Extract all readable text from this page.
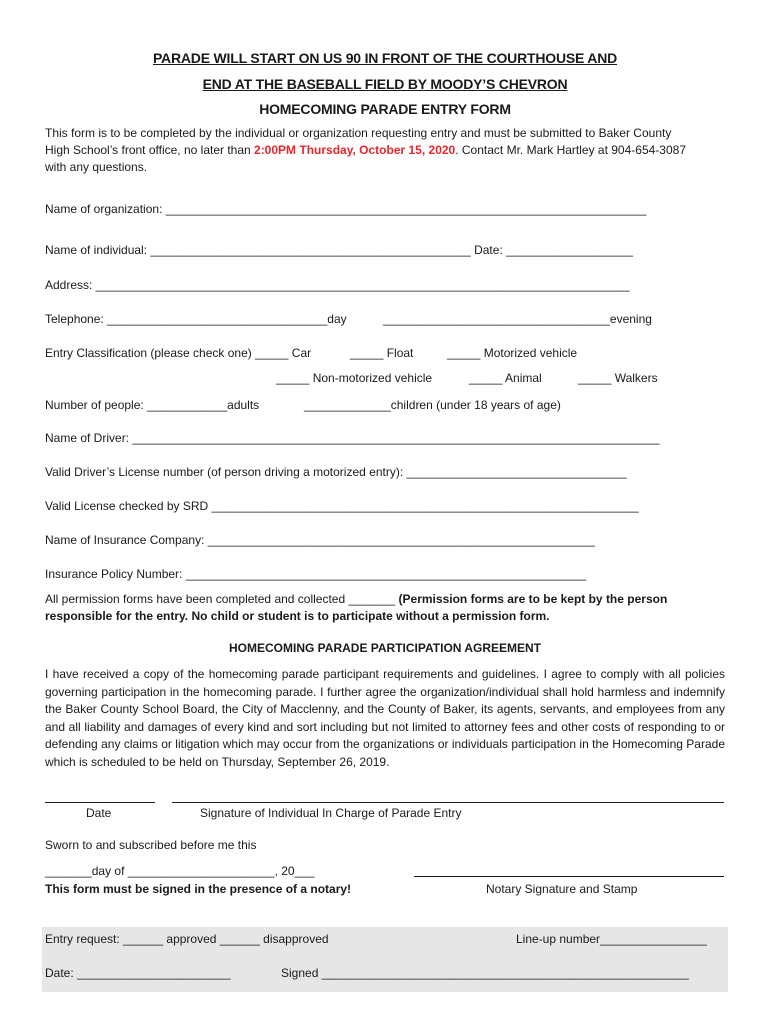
PARADE WILL START ON US 90 IN FRONT OF THE COURTHOUSE AND
END AT THE BASEBALL FIELD BY MOODY’S CHEVRON
HOMECOMING PARADE ENTRY FORM
This form is to be completed by the individual or organization requesting entry and must be submitted to Baker County
High School’s front office, no later than 2:00PM Thursday, October 15, 2020. Contact Mr. Mark Hartley at 904-654-3087
with any questions.
Name of organization: ________________________________________________________________________
Name of individual: ________________________________________________ Date: ___________________
Address: ________________________________________________________________________________
Telephone: _________________________________day	__________________________________evening
Entry Classification (please check one) _____ Car	_____ Float	_____ Motorized vehicle
_____ Non-motorized vehicle	_____ Animal	_____ Walkers
Number of people: ____________adults	_____________children (under 18 years of age)
Name of Driver: _______________________________________________________________________________
Valid Driver’s License number (of person driving a motorized entry): _________________________________
Valid License checked by SRD ________________________________________________________________
Name of Insurance Company: __________________________________________________________
Insurance Policy Number: ____________________________________________________________
All permission forms have been completed and collected _______ (Permission forms are to be kept by the person
responsible for the entry. No child or student is to participate without a permission form.
HOMECOMING PARADE PARTICIPATION AGREEMENT
I have received a copy of the homecoming parade participant requirements and guidelines. I agree to comply with all policies governing participation in the homecoming parade. I further agree the organization/individual shall hold harmless and indemnify the Baker County School Board, the City of Macclenny, and the County of Baker, its agents, servants, and employees from any and all liability and damages of every kind and sort including but not limited to attorney fees and other costs of responding to or defending any claims or litigation which may occur from the organizations or individuals participation in the Homecoming Parade which is scheduled to be held on Thursday, September 26, 2019.
Date	Signature of Individual In Charge of Parade Entry
Sworn to and subscribed before me this
_______day of ______________________, 20___
This form must be signed in the presence of a notary!	Notary Signature and Stamp
Entry request: ______ approved ______ disapproved	Line-up number________________
Date: _______________________	Signed _______________________________________________________
